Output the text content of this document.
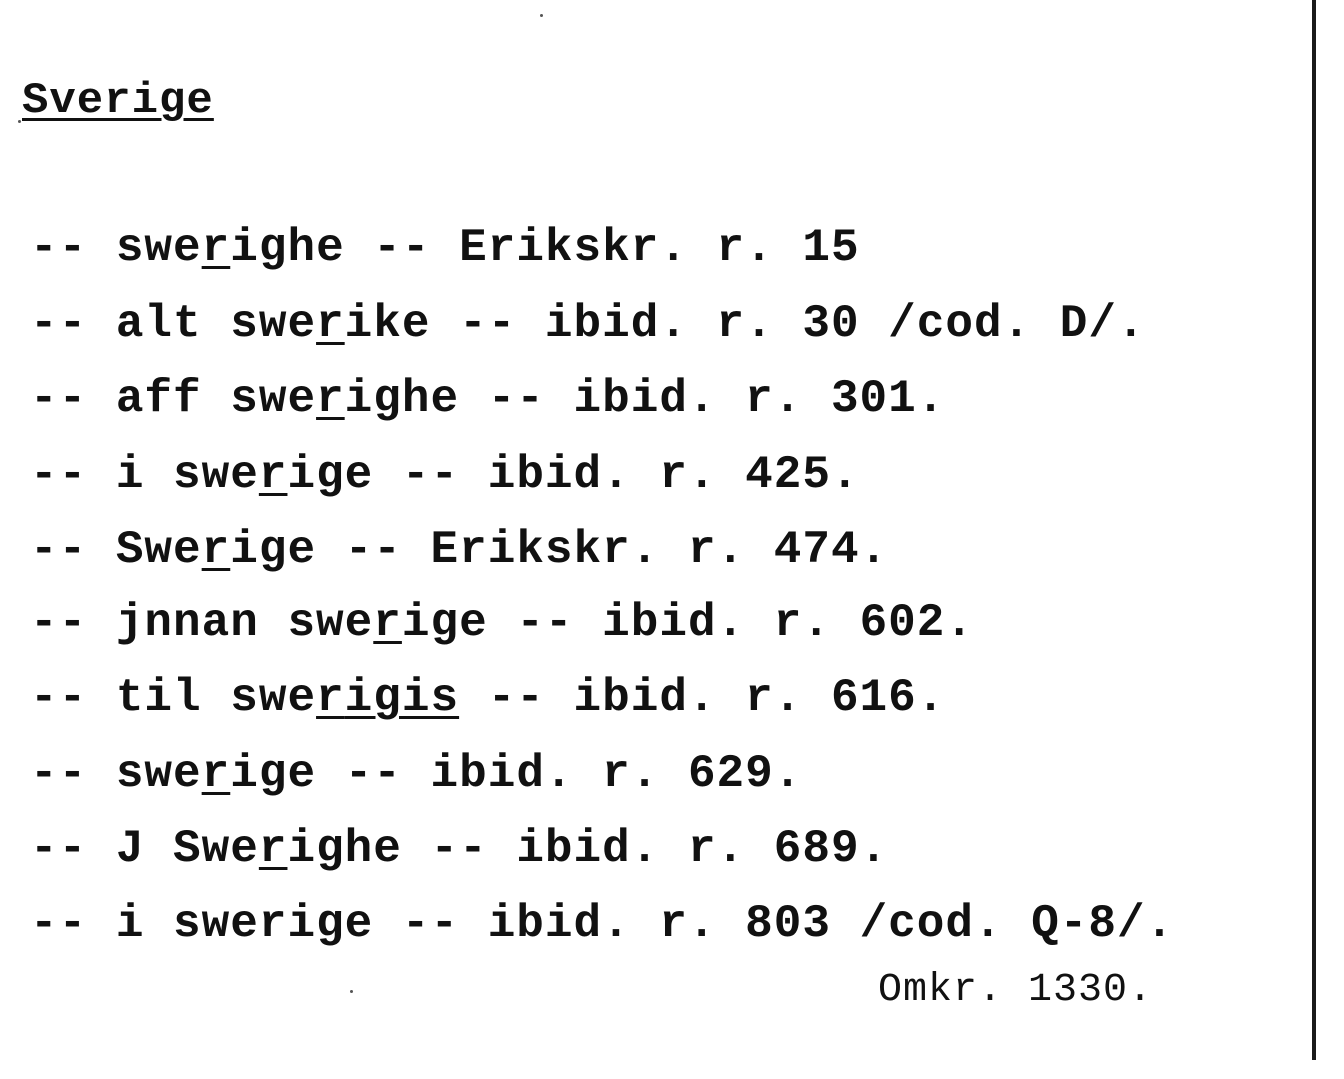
Sverige
-- swerighe -- Erikskr. r. 15
-- alt swerike -- ibid. r. 30 /cod. D/.
-- aff swerighe -- ibid. r. 301.
-- i swerige -- ibid. r. 425.
-- Swerige -- Erikskr. r. 474.
-- jnnan swerige -- ibid. r. 602.
-- til swerigis -- ibid. r. 616.
-- swerige -- ibid. r. 629.
-- J Swerighe -- ibid. r. 689.
-- i swerige -- ibid. r. 803 /cod. Q-8/.
Omkr. 1330.
